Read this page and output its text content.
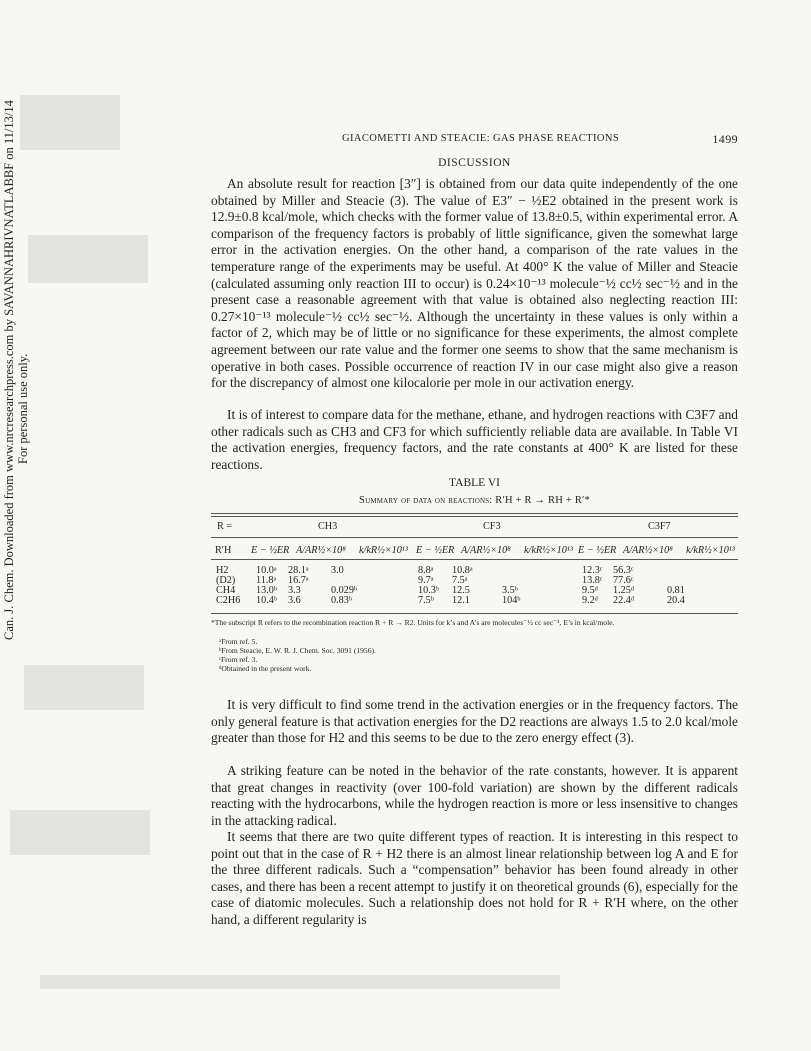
Can. J. Chem. Downloaded from www.nrcresearchpress.com by SAVANNAHRIVNATLABBF on 11/13/14 For personal use only.
GIACOMETTI AND STEACIE: GAS PHASE REACTIONS	1499
DISCUSSION

An absolute result for reaction [3″] is obtained from our data quite independently of the one obtained by Miller and Steacie (3). The value of E3″ − ½E2 obtained in the present work is 12.9±0.8 kcal/mole, which checks with the former value of 13.8±0.5, within experimental error. A comparison of the frequency factors is probably of little significance, given the somewhat large error in the activation energies. On the other hand, a comparison of the rate values in the temperature range of the experiments may be useful. At 400° K the value of Miller and Steacie (calculated assuming only reaction III to occur) is 0.24×10⁻¹³ molecule⁻½ cc½ sec⁻½ and in the present case a reasonable agreement with that value is obtained also neglecting reaction III: 0.27×10⁻¹³ molecule⁻½ cc½ sec⁻½. Although the uncertainty in these values is only within a factor of 2, which may be of little or no significance for these experiments, the almost complete agreement between our rate value and the former one seems to show that the same mechanism is operative in both cases. Possible occurrence of reaction IV in our case might also give a reason for the discrepancy of almost one kilocalorie per mole in our activation energy.

It is of interest to compare data for the methane, ethane, and hydrogen reactions with C3F7 and other radicals such as CH3 and CF3 for which sufficiently reliable data are available. In Table VI the activation energies, frequency factors, and the rate constants at 400° K are listed for these reactions.

TABLE VI
Summary of data on reactions: R′H + R → RH + R′*
R =	CH3	CF3	C3F7
R′H E − ½ER A/AR½×10⁸ k/kR½×10¹³ E − ½ER A/AR½×10⁸ k/kR½×10¹³ E − ½ER A/AR½×10⁸ k/kR½×10¹³
H2	10.0ᵃ 28.1ᵃ 3.0	8.8ᵃ 10.8ᵃ	12.3ᶜ 56.3ᶜ
(D2) 11.8ᵃ 16.7ᵃ	9.7ᵃ 7.5ᵃ	13.8ᶜ 77.6ᶜ
CH4 13.0ᵇ 3.3	0.029ᵇ	10.3ᵇ 12.5	3.5ᵇ	9.5ᵈ 1.25ᵈ	0.81
C2H6 10.4ᵇ 3.6	0.83ᵇ	7.5ᵇ 12.1	104ᵇ	9.2ᵈ 22.4ᵈ	20.4
*The subscript R refers to the recombination reaction R + R → R2. Units for k’s and A’s are molecules⁻½ cc sec⁻¹, E’s in kcal/mole.
ᵃFrom ref. 5.
ᵇFrom Steacie, E. W. R. J. Chem. Soc. 3091 (1956).
ᶜFrom ref. 3.
ᵈObtained in the present work.

It is very difficult to find some trend in the activation energies or in the frequency factors. The only general feature is that activation energies for the D2 reactions are always 1.5 to 2.0 kcal/mole greater than those for H2 and this seems to be due to the zero energy effect (3).

A striking feature can be noted in the behavior of the rate constants, however. It is apparent that great changes in reactivity (over 100-fold variation) are shown by the different radicals reacting with the hydrocarbons, while the hydrogen reaction is more or less insensitive to changes in the attacking radical.

It seems that there are two quite different types of reaction. It is interesting in this respect to point out that in the case of R + H2 there is an almost linear relationship between log A and E for the three different radicals. Such a “compensation” behavior has been found already in other cases, and there has been a recent attempt to justify it on theoretical grounds (6), especially for the case of diatomic molecules. Such a relationship does not hold for R + R′H where, on the other hand, a different regularity is
